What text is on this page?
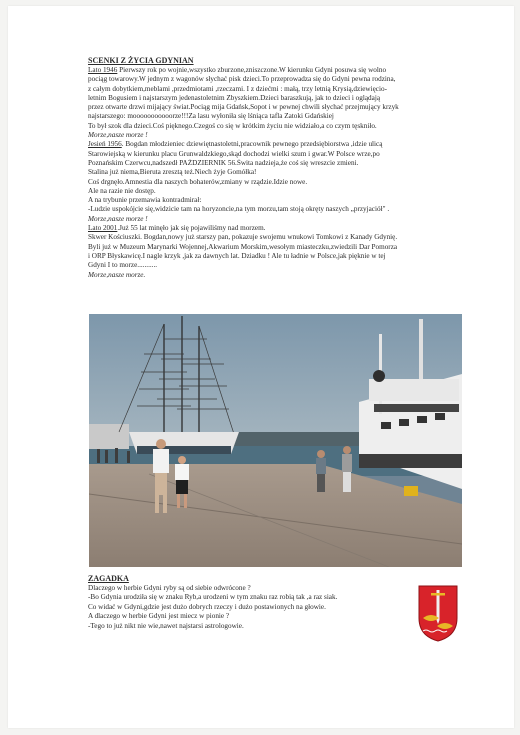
SCENKI Z ŻYCIA GDYNIAN
Lato 1946 Pierwszy rok po wojnie,wszystko zburzone,zniszczone.W kierunku Gdyni posuwa się wolno
pociąg towarowy.W jednym z wagonów słychać pisk dzieci.To przeprowadza się do Gdyni pewna rodzina,
z całym dobytkiem,meblami ,przedmiotami ,rzeczami. I z dziećmi : małą, trzy letnią Krysią,dziewięcio-
letnim Bogusiem i najstarszym jedenastoletnim Zbyszkiem.Dzieci baraszkują, jak to dzieci i oglądają
przez otwarte drzwi mijający świat.Pociąg mija Gdańsk,Sopot i w pewnej chwili słychać przejmujący krzyk
najstarszego: mooooooooooorze!!!Za lasu wyłoniła się lśniąca tafla Zatoki Gdańskiej
To był szok dla dzieci.Coś pięknego.Czegoś co się w krótkim życiu nie widziało,a co czym tęskniło.
Morze,nasze morze !
Jesień 1956. Bogdan młodzieniec dziewiętnastoletni,pracownik pewnego przedsiębiorstwa ,idzie ulicą
Starowiejską w kierunku placu Grunwaldzkiego,skąd dochodzi wielki szum i gwar.W Polsce wrze,po
Poznańskim Czerwcu,nadszedł PAŹDZIERNIK 56.Świta nadzieja,że coś się wreszcie zmieni.
Stalina już niema,Bieruta zresztą też.Niech żyje Gomółka!
Coś drgnęło.Amnestia dla naszych bohaterów,zmiany w rządzie.Idzie nowe.
Ale na razie nie dostęp.
A na trybunie przemawia kontradmirał:
-Ludzie uspokójcie się,widzicie tam na horyzoncie,na tym morzu,tam stoją okręty naszych „przyjaciół" .
Morze,nasze morze !
Lato 2001.Już 55 lat minęło jak się pojawiliśmy nad morzem.
Skwer Kościuszki. Bogdan,nowy już starszy pan, pokazuje swojemu wnukowi Tomkowi z Kanady Gdynię.
Byli już w Muzeum Marynarki Wojennej,Akwarium Morskim,wesołym miasteczku,zwiedzili Dar Pomorza
i ORP Błyskawicę.I nagle krzyk ,jak za dawnych lat. Dziadku ! Ale tu ładnie w Polsce,jak pięknie w tej
Gdyni I to morze...........
Morze,nasze morze.
ZAGADKA
Dlaczego w herbie Gdyni ryby są od siebie odwrócone ?
-Bo Gdynia urodziła się w znaku Ryb,a urodzeni w tym znaku raz robią tak ,a raz siak.
Co widać w Gdyni,gdzie jest dużo dobrych rzeczy i dużo postawionych na głowie.
A dlaczego w herbie Gdyni jest miecz w pionie ?
-Tego to już nikt nie wie,nawet najstarsi astrologowie.
